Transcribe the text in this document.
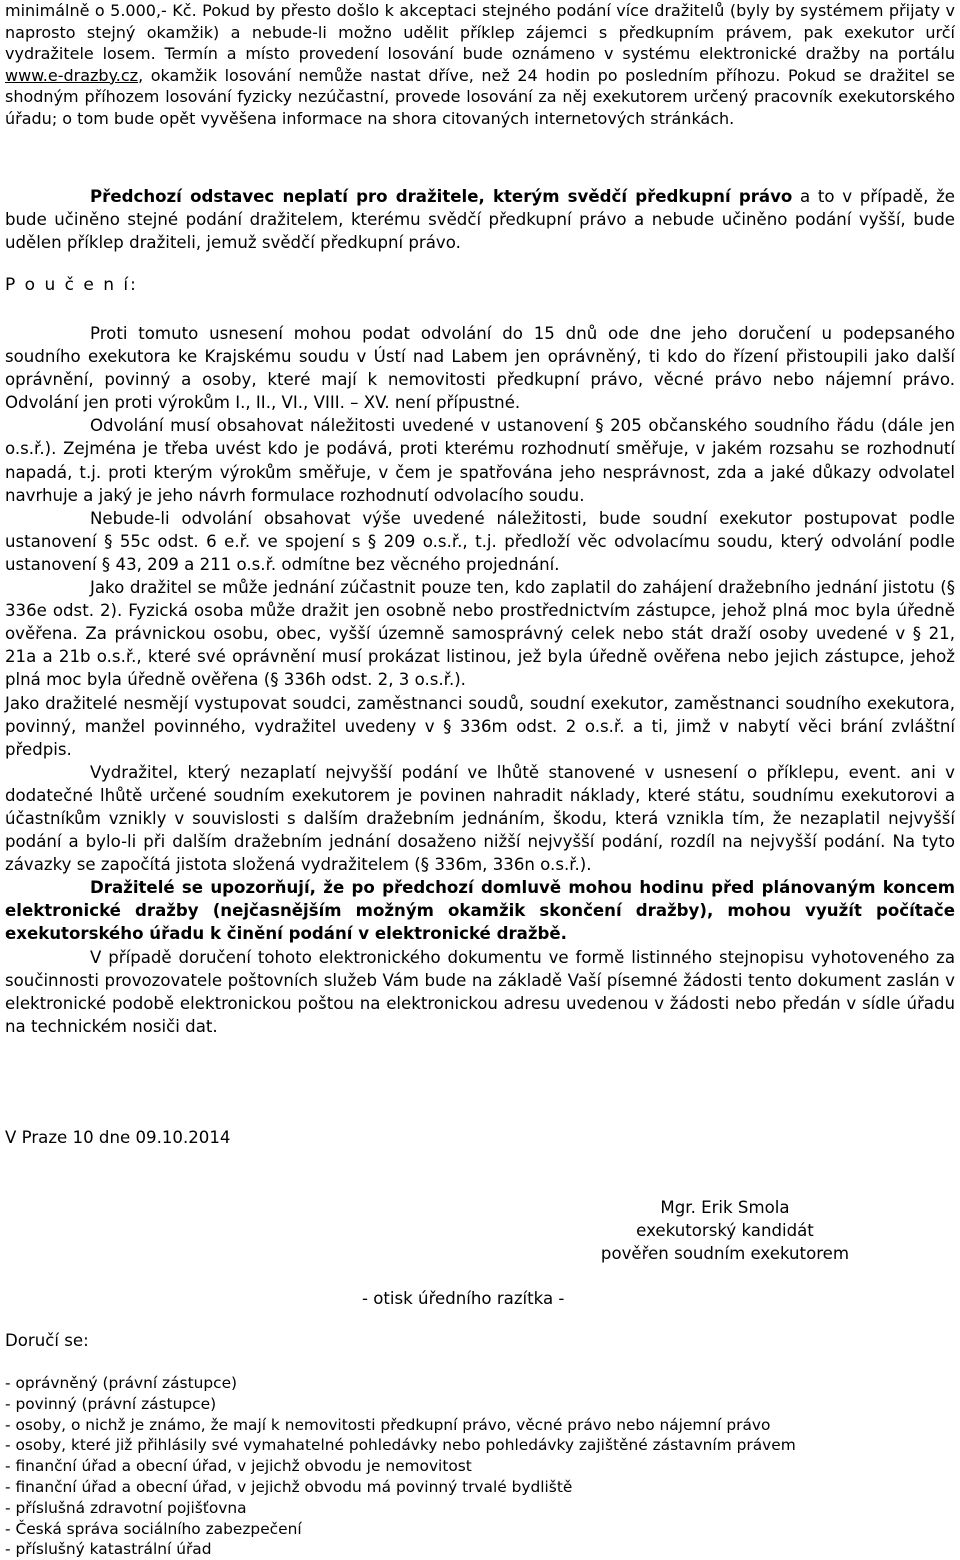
minimálně o 5.000,- Kč. Pokud by přesto došlo k akceptaci stejného podání více dražitelů (byly by systémem přijaty v naprosto stejný okamžik) a nebude-li možno udělit příklep zájemci s předkupním právem, pak exekutor určí vydražitele losem. Termín a místo provedení losování bude oznámeno v systému elektronické dražby na portálu www.e-drazby.cz, okamžik losování nemůže nastat dříve, než 24 hodin po posledním příhozu. Pokud se dražitel se shodným příhozem losování fyzicky nezúčastní, provede losování za něj exekutorem určený pracovník exekutorského úřadu; o tom bude opět vyvěšena informace na shora citovaných internetových stránkách.

Předchozí odstavec neplatí pro dražitele, kterým svědčí předkupní právo a to v případě, že bude učiněno stejné podání dražitelem, kterému svědčí předkupní právo a nebude učiněno podání vyšší, bude udělen příklep dražiteli, jemuž svědčí předkupní právo.

P o u č e n í:

Proti tomuto usnesení mohou podat odvolání do 15 dnů ode dne jeho doručení u podepsaného soudního exekutora ke Krajskému soudu v Ústí nad Labem jen oprávněný, ti kdo do řízení přistoupili jako další oprávnění, povinný a osoby, které mají k nemovitosti předkupní právo, věcné právo nebo nájemní právo. Odvolání jen proti výrokům I., II., VI., VIII. – XV. není přípustné.

Odvolání musí obsahovat náležitosti uvedené v ustanovení § 205 občanského soudního řádu (dále jen o.s.ř.). Zejména je třeba uvést kdo je podává, proti kterému rozhodnutí směřuje, v jakém rozsahu se rozhodnutí napadá, t.j. proti kterým výrokům směřuje, v čem je spatřována jeho nesprávnost, zda a jaké důkazy odvolatel navrhuje a jaký je jeho návrh formulace rozhodnutí odvolacího soudu.

Nebude-li odvolání obsahovat výše uvedené náležitosti, bude soudní exekutor postupovat podle ustanovení § 55c odst. 6 e.ř. ve spojení s § 209 o.s.ř., t.j. předloží věc odvolacímu soudu, který odvolání podle ustanovení § 43, 209 a 211 o.s.ř. odmítne bez věcného projednání.

Jako dražitel se může jednání zúčastnit pouze ten, kdo zaplatil do zahájení dražebního jednání jistotu (§ 336e odst. 2). Fyzická osoba může dražit jen osobně nebo prostřednictvím zástupce, jehož plná moc byla úředně ověřena. Za právnickou osobu, obec, vyšší územně samosprávný celek nebo stát draží osoby uvedené v § 21, 21a a 21b o.s.ř., které své oprávnění musí prokázat listinou, jež byla úředně ověřena nebo jejich zástupce, jehož plná moc byla úředně ověřena (§ 336h odst. 2, 3 o.s.ř.).

Jako dražitelé nesmějí vystupovat soudci, zaměstnanci soudů, soudní exekutor, zaměstnanci soudního exekutora, povinný, manžel povinného, vydražitel uvedeny v § 336m odst. 2 o.s.ř. a ti, jimž v nabytí věci brání zvláštní předpis.

Vydražitel, který nezaplatí nejvyšší podání ve lhůtě stanovené v usnesení o příklepu, event. ani v dodatečné lhůtě určené soudním exekutorem je povinen nahradit náklady, které státu, soudnímu exekutorovi a účastníkům vznikly v souvislosti s dalším dražebním jednáním, škodu, která vznikla tím, že nezaplatil nejvyšší podání a bylo-li při dalším dražebním jednání dosaženo nižší nejvyšší podání, rozdíl na nejvyšší podání. Na tyto závazky se započítá jistota složená vydražitelem (§ 336m, 336n o.s.ř.).

Dražitelé se upozorňují, že po předchozí domluvě mohou hodinu před plánovaným koncem elektronické dražby (nejčasnějším možným okamžik skončení dražby), mohou využít počítače exekutorského úřadu k činění podání v elektronické dražbě.

V případě doručení tohoto elektronického dokumentu ve formě listinného stejnopisu vyhotoveného za součinnosti provozovatele poštovních služeb Vám bude na základě Vaší písemné žádosti tento dokument zaslán v elektronické podobě elektronickou poštou na elektronickou adresu uvedenou v žádosti nebo předán v sídle úřadu na technickém nosiči dat.

V Praze 10 dne 09.10.2014
Mgr. Erik Smola
exekutorský kandidát
pověřen soudním exekutorem
- otisk úředního razítka -
Doručí se:
- oprávněný (právní zástupce)
- povinný (právní zástupce)
- osoby, o nichž je známo, že mají k nemovitosti předkupní právo, věcné právo nebo nájemní právo
- osoby, které již přihlásily své vymahatelné pohledávky nebo pohledávky zajištěné zástavním právem
- finanční úřad a obecní úřad, v jejichž obvodu je nemovitost
- finanční úřad a obecní úřad, v jejichž obvodu má povinný trvalé bydliště
- příslušná zdravotní pojišťovna
- Česká správa sociálního zabezpečení
- příslušný katastrální úřad
